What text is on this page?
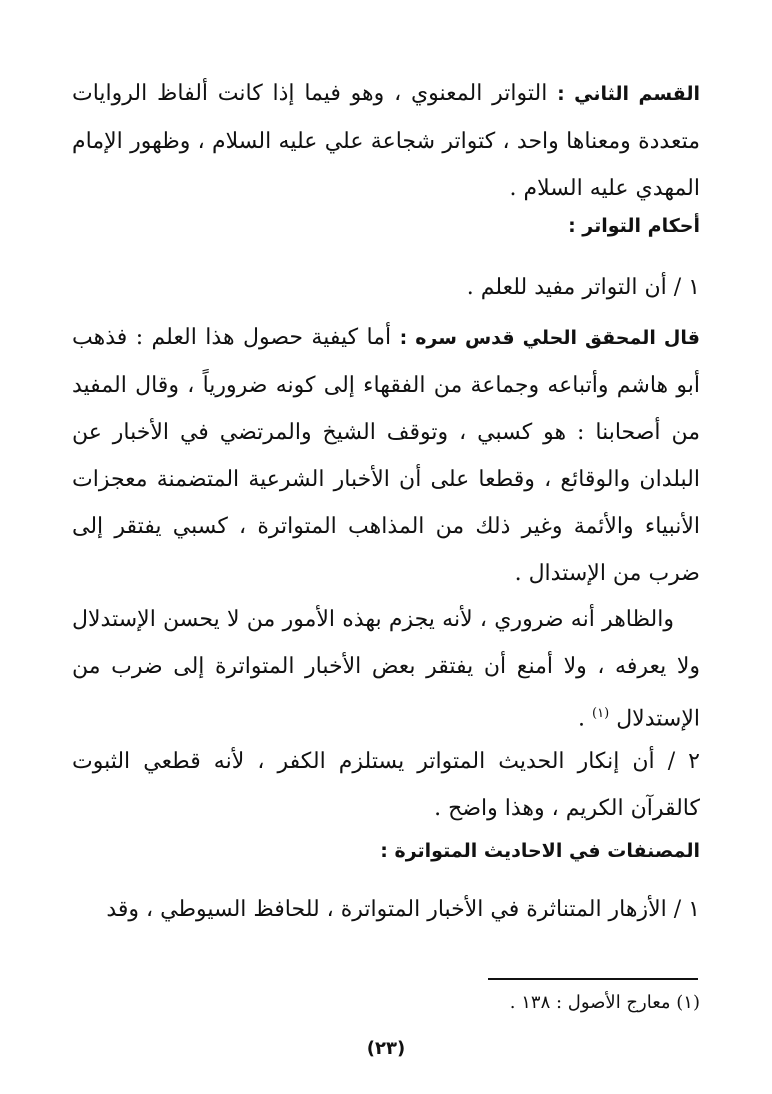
القسم الثاني : التواتر المعنوي ، وهو فيما إذا كانت ألفاظ الروايات متعددة ومعناها واحد ، كتواتر شجاعة علي عليه السلام ، وظهور الإمام المهدي عليه السلام .

أحكام التواتر :

١ / أن التواتر مفيد للعلم .

قال المحقق الحلي قدس سره : أما كيفية حصول هذا العلم : فذهب أبو هاشم وأتباعه وجماعة من الفقهاء إلى كونه ضرورياً ، وقال المفيد من أصحابنا : هو كسبي ، وتوقف الشيخ والمرتضي في الأخبار عن البلدان والوقائع ، وقطعا على أن الأخبار الشرعية المتضمنة معجزات الأنبياء والأئمة وغير ذلك من المذاهب المتواترة ، كسبي يفتقر إلى ضرب من الإستدال .

والظاهر أنه ضروري ، لأنه يجزم بهذه الأمور من لا يحسن الإستدلال ولا يعرفه ، ولا أمنع أن يفتقر بعض الأخبار المتواترة إلى ضرب من الإستدلال $^{(١)}$ .

٢ / أن إنكار الحديث المتواتر يستلزم الكفر ، لأنه قطعي الثبوت كالقرآن الكريم ، وهذا واضح .

المصنفات في الاحاديث المتواترة :

١ / الأزهار المتناثرة في الأخبار المتواترة ، للحافظ السيوطي ، وقد

(١) معارج الأصول : ١٣٨ .
(٢٣)
